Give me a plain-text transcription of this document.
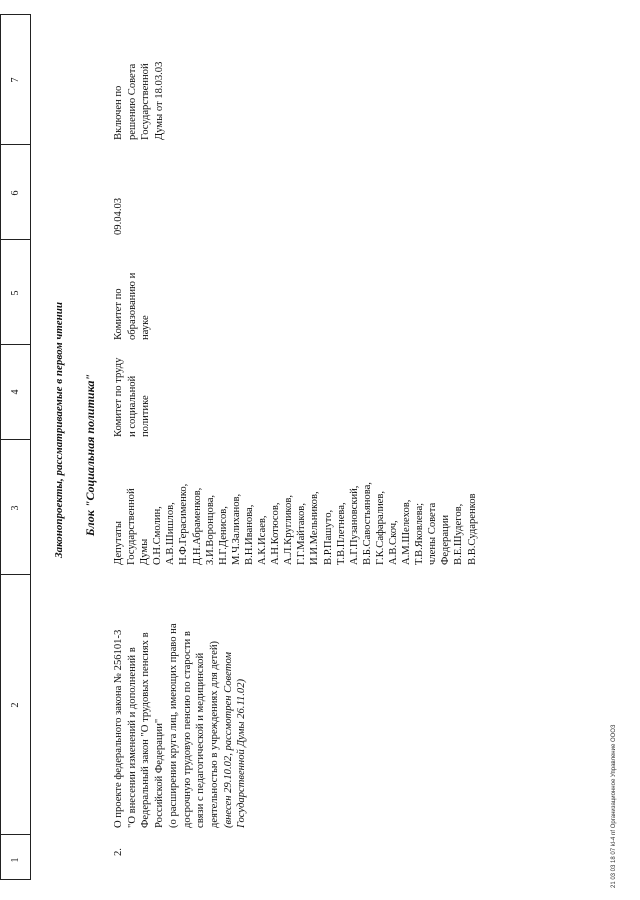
1
2
3
4
5
6
7
Законопроекты, рассматриваемые в первом чтении Блок "Социальная политика"
2.
О проекте федерального закона № 256101-3 "О внесении изменений и дополнений в Федеральный закон "О трудовых пенсиях в Российской Федерации" (о расширении круга лиц, имеющих право на досрочную трудовую пенсию по старости в связи с педагогической и медицинской деятельностью в учреждениях для детей) (внесен 29.10.02, рассмотрен Советом Государственной Думы 26.11.02)
Депутаты Государственной Думы О.Н.Смолин, А.В.Шишлов, Н.Ф.Герасименко, Д.Н.Абраменков, З.И.Воронцова, Н.Г.Денисов, М.Ч.Залиханов, В.Н.Иванова, А.К.Исаев, А.Н.Котюсов, А.Л.Кругликов, Г.Г.Майтаков, И.И.Мельников, В.Р.Пашуто, Т.В.Плетнева, А.Г.Пузановский, В.Б.Савостьянова, Г.К.Сафаралиев, А.В.Скоч, А.М.Шелехов, Т.В.Яковлева; члены Совета Федерации В.Е.Шудегов, В.В.Сударенков
Комитет по труду и социальной политике
Комитет по образованию и науке
09.04.03
Включен по решению Совета Государственной Думы от 18.03.03
21 03 03 18 07 kl-4 nf Организационное Управление ООО3
